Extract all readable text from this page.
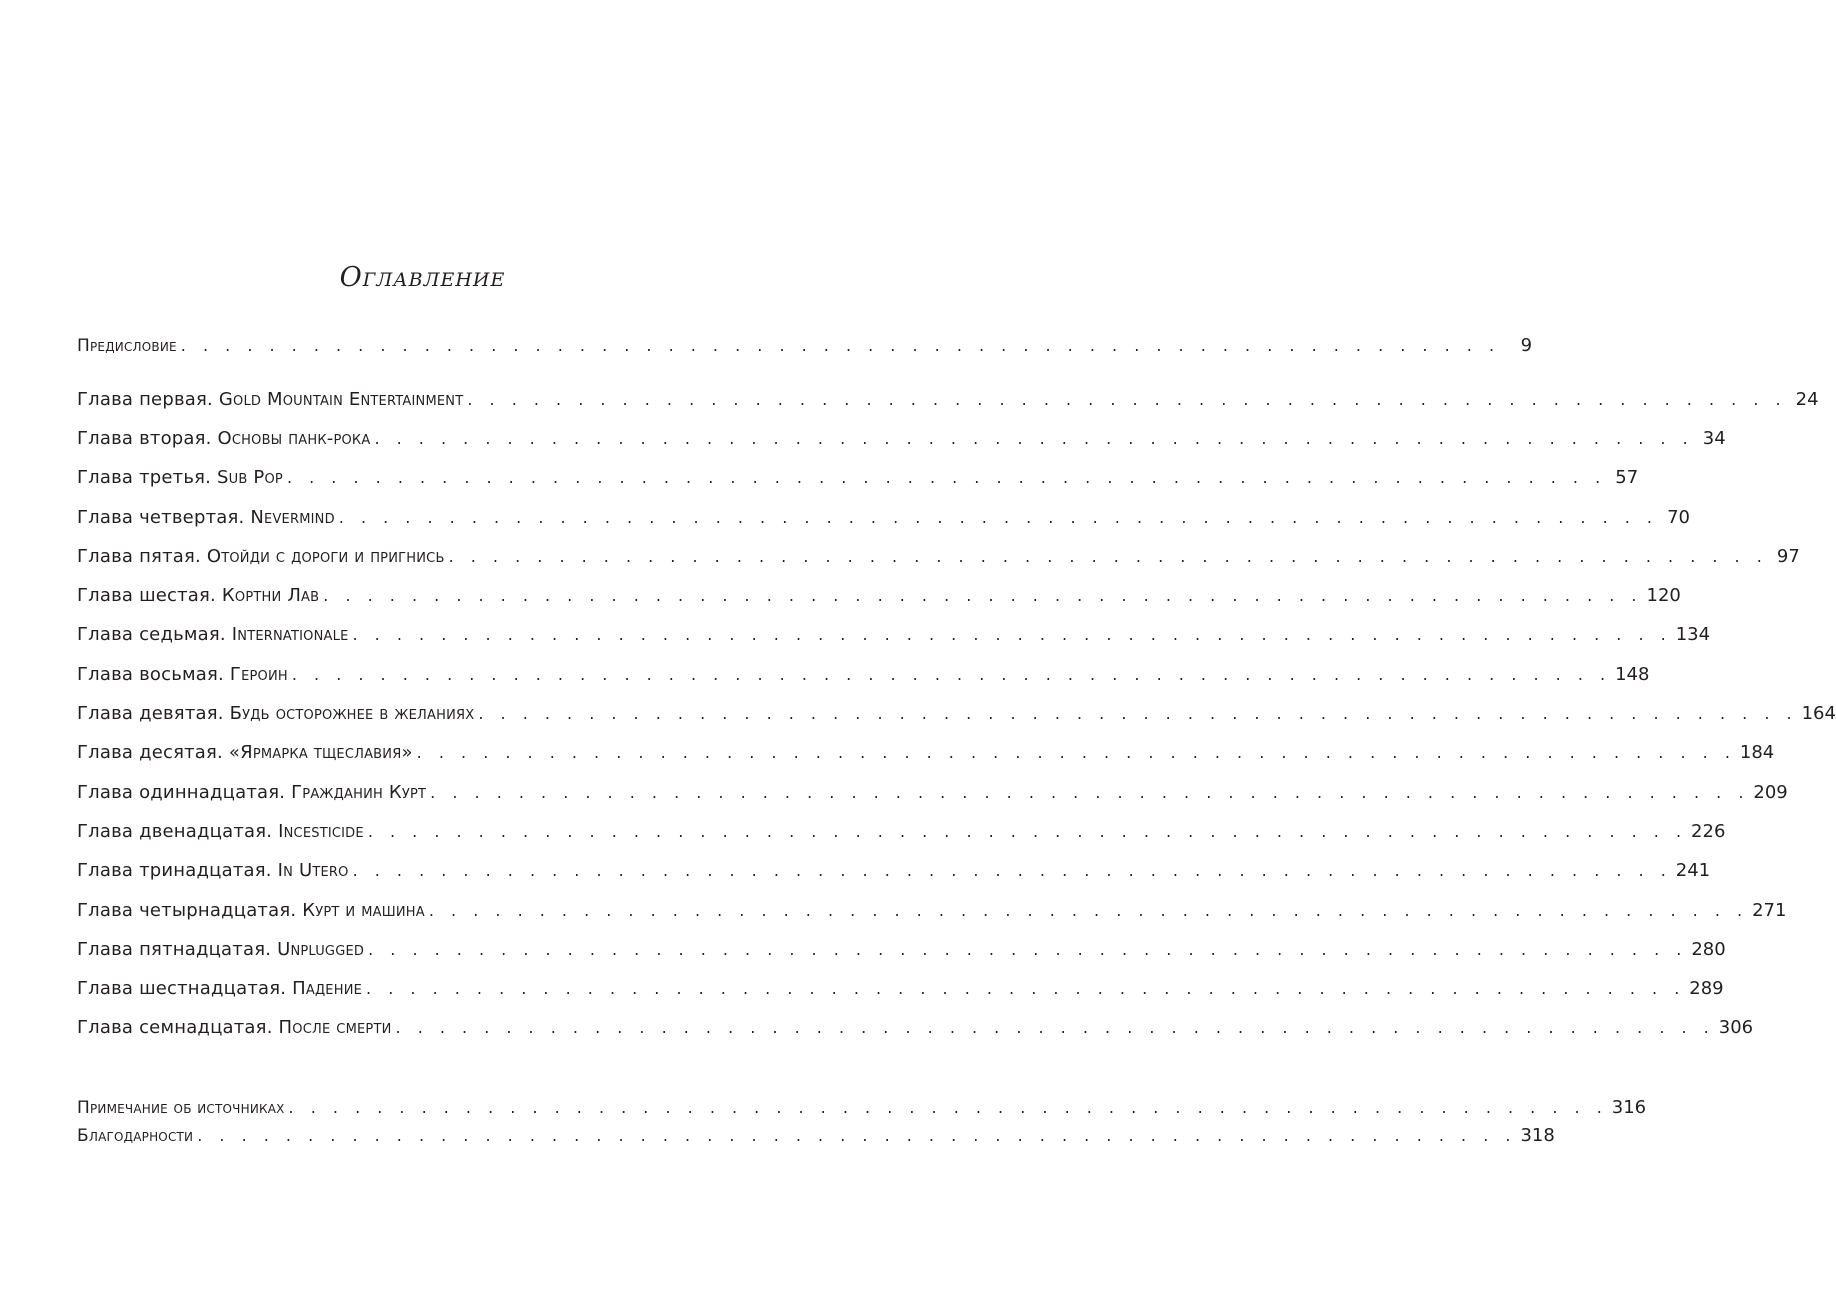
Оглавление
Предисловие . . . . . . . . . . . . . . . . . . . . . . . . . . . . . . . . . . . . . . . . . . . . . . . . . . . . . . . . . . . .	9
Глава первая. Gold Mountain Entertainment . . . . . . . . . . . . . . . . . . . . . . . . . . . . . . . . . . . . . . . . . . . . . . . . . . . . . . . . . . . . 24
Глава вторая. Основы панк-рока . . . . . . . . . . . . . . . . . . . . . . . . . . . . . . . . . . . . . . . . . . . . . . . . . . . . . . . . . . . . 34
Глава третья. Sub Pop . . . . . . . . . . . . . . . . . . . . . . . . . . . . . . . . . . . . . . . . . . . . . . . . . . . . . . . . . . . . 57
Глава четвертая. Nevermind . . . . . . . . . . . . . . . . . . . . . . . . . . . . . . . . . . . . . . . . . . . . . . . . . . . . . . . . . . . . 70
Глава пятая. Отойди с дороги и пригнись . . . . . . . . . . . . . . . . . . . . . . . . . . . . . . . . . . . . . . . . . . . . . . . . . . . . . . . . . . . . 97
Глава шестая. Кортни Лав . . . . . . . . . . . . . . . . . . . . . . . . . . . . . . . . . . . . . . . . . . . . . . . . . . . . . . . . . . . . 120
Глава седьмая. Internationale . . . . . . . . . . . . . . . . . . . . . . . . . . . . . . . . . . . . . . . . . . . . . . . . . . . . . . . . . . . . 134
Глава восьмая. Героин . . . . . . . . . . . . . . . . . . . . . . . . . . . . . . . . . . . . . . . . . . . . . . . . . . . . . . . . . . . . 148
Глава девятая. Будь осторожнее в желаниях . . . . . . . . . . . . . . . . . . . . . . . . . . . . . . . . . . . . . . . . . . . . . . . . . . . . . . . . . . . . 164
Глава десятая. «Ярмарка тщеславия» . . . . . . . . . . . . . . . . . . . . . . . . . . . . . . . . . . . . . . . . . . . . . . . . . . . . . . . . . . . . 184
Глава одиннадцатая. Гражданин Курт . . . . . . . . . . . . . . . . . . . . . . . . . . . . . . . . . . . . . . . . . . . . . . . . . . . . . . . . . . . . 209
Глава двенадцатая. Incesticide . . . . . . . . . . . . . . . . . . . . . . . . . . . . . . . . . . . . . . . . . . . . . . . . . . . . . . . . . . . . 226
Глава тринадцатая. In Utero . . . . . . . . . . . . . . . . . . . . . . . . . . . . . . . . . . . . . . . . . . . . . . . . . . . . . . . . . . . . 241
Глава четырнадцатая. Курт и машина . . . . . . . . . . . . . . . . . . . . . . . . . . . . . . . . . . . . . . . . . . . . . . . . . . . . . . . . . . . . 271
Глава пятнадцатая. Unplugged . . . . . . . . . . . . . . . . . . . . . . . . . . . . . . . . . . . . . . . . . . . . . . . . . . . . . . . . . . . . 280
Глава шестнадцатая. Падение . . . . . . . . . . . . . . . . . . . . . . . . . . . . . . . . . . . . . . . . . . . . . . . . . . . . . . . . . . . . 289
Глава семнадцатая. После смерти . . . . . . . . . . . . . . . . . . . . . . . . . . . . . . . . . . . . . . . . . . . . . . . . . . . . . . . . . . . . 306
Примечание об источниках . . . . . . . . . . . . . . . . . . . . . . . . . . . . . . . . . . . . . . . . . . . . . . . . . . . . . . . . . . . . 316
Благодарности . . . . . . . . . . . . . . . . . . . . . . . . . . . . . . . . . . . . . . . . . . . . . . . . . . . . . . . . . . . . 318
